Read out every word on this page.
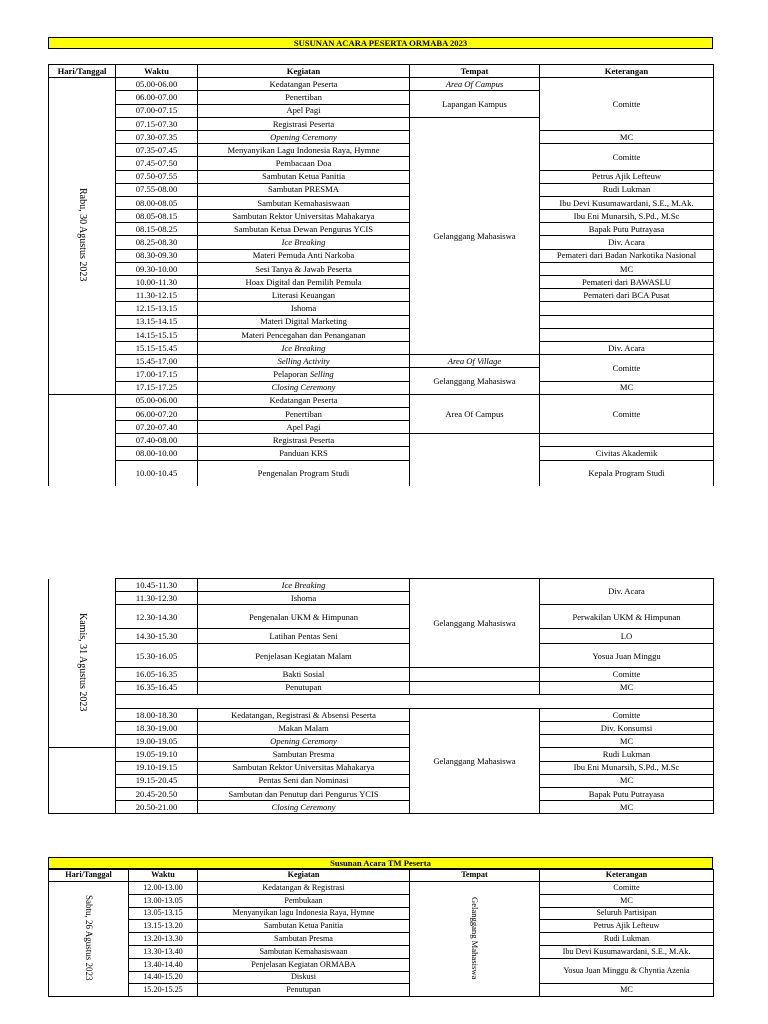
SUSUNAN ACARA PESERTA ORMABA 2023
Hari/Tanggal	Waktu	Kegiatan	Tempat	Keterangan
Rabu, 30 Agustus 2023	05.00-06.00	Kedatangan Peserta	Area Of Campus	Comitte
	06.00-07.00	Penertiban	Lapangan Kampus	
	07.00-07.15	Apel Pagi		
	07.15-07.30	Registrasi Peserta	Gelanggang Mahasiswa	
	07.30-07.35	Opening Ceremony		MC
	07.35-07.45	Menyanyikan Lagu Indonesia Raya, Hymne		Comitte
	07.45-07.50	Pembacaan Doa		
	07.50-07.55	Sambutan Ketua Panitia		Petrus Ajik Lefteuw
	07.55-08.00	Sambutan PRESMA		Rudi Lukman
	08.00-08.05	Sambutan Kemahasiswaan		Ibu Devi Kusumawardani, S.E., M.Ak.
	08.05-08.15	Sambutan Rektor Universitas Mahakarya		Ibu Eni Munarsih, S.Pd., M.Sc
	08.15-08.25	Sambutan Ketua Dewan Pengurus YCIS		Bapak Putu Putrayasa
	08.25-08.30	Ice Breaking		Div. Acara
	08.30-09.30	Materi Pemuda Anti Narkoba		Pemateri dari Badan Narkotika Nasional
	09.30-10.00	Sesi Tanya & Jawab Peserta		MC
	10.00-11.30	Hoax Digital dan Pemilih Pemula		Pemateri dari BAWASLU
	11.30-12.15	Literasi Keuangan		Pemateri dari BCA Pusat
	12.15-13.15	Ishoma		
	13.15-14.15	Materi Digital Marketing		
	14.15-15.15	Materi Pencegahan dan Penanganan		
	15.15-15.45	Ice Breaking		Div. Acara
	15.45-17.00	Selling Activity	Area Of Village	Comitte
	17.00-17.15	Pelaporan Selling	Gelanggang Mahasiswa	
	17.15-17.25	Closing Ceremony		MC
	05.00-06.00	Kedatangan Peserta	Area Of Campus	Comitte
	06.00-07.20	Penertiban		
	07.20-07.40	Apel Pagi		
	07.40-08.00	Registrasi Peserta		
	08.00-10.00	Panduan KRS		Civitas Akademik
	10.00-10.45	Pengenalan Program Studi		Kepala Program Studi
Kamis, 31 Agustus 2023	10.45-11.30	Ice Breaking	Gelanggang Mahasiswa	Div. Acara
	11.30-12.30	Ishoma		
	12.30-14.30	Pengenalan UKM & Himpunan		Perwakilan UKM & Himpunan
	14.30-15.30	Latihan Pentas Seni		LO
	15.30-16.05	Penjelasan Kegiatan Malam		Yosua Juan Minggu
	16.05-16.35	Bakti Sosial		Comitte
	16.35-16.45	Penutupan		MC

	18.00-18.30	Kedatangan, Registrasi & Absensi Peserta	Gelanggang Mahasiswa	Comitte
	18.30-19.00	Makan Malam		Div. Konsumsi
	19.00-19.05	Opening Ceremony		MC
	19.05-19.10	Sambutan Presma		Rudi Lukman
	19.10-19.15	Sambutan Rektor Universitas Mahakarya		Ibu Eni Munarsih, S.Pd., M.Sc
	19.15-20.45	Pentas Seni dan Nominasi		MC
	20.45-20.50	Sambutan dan Penutup dari Pengurus YCIS		Bapak Putu Putrayasa
	20.50-21.00	Closing Ceremony		MC
Susunan Acara TM Peserta
Hari/Tanggal	Waktu	Kegiatan	Tempat	Keterangan
Sabtu, 26 Agustus 2023	12.00-13.00	Kedatangan & Registrasi	Gelanggang Mahasiswa	Comitte
	13.00-13.05	Pembukaan		MC
	13.05-13.15	Menyanyikan lagu Indonesia Raya, Hymne		Seluruh Partisipan
	13.15-13.20	Sambutan Ketua Panitia		Petrus Ajik Lefteuw
	13.20-13.30	Sambutan Presma		Rudi Lukman
	13.30-13.40	Sambutan Kemahasiswaan		Ibu Devi Kusumawardani, S.E., M.Ak.
	13.40-14.40	Penjelasan Kegiatan ORMABA		Yosua Juan Minggu & Chyntia Azenia
	14.40-15.20	Diskusi		
	15.20-15.25	Penutupan		MC
